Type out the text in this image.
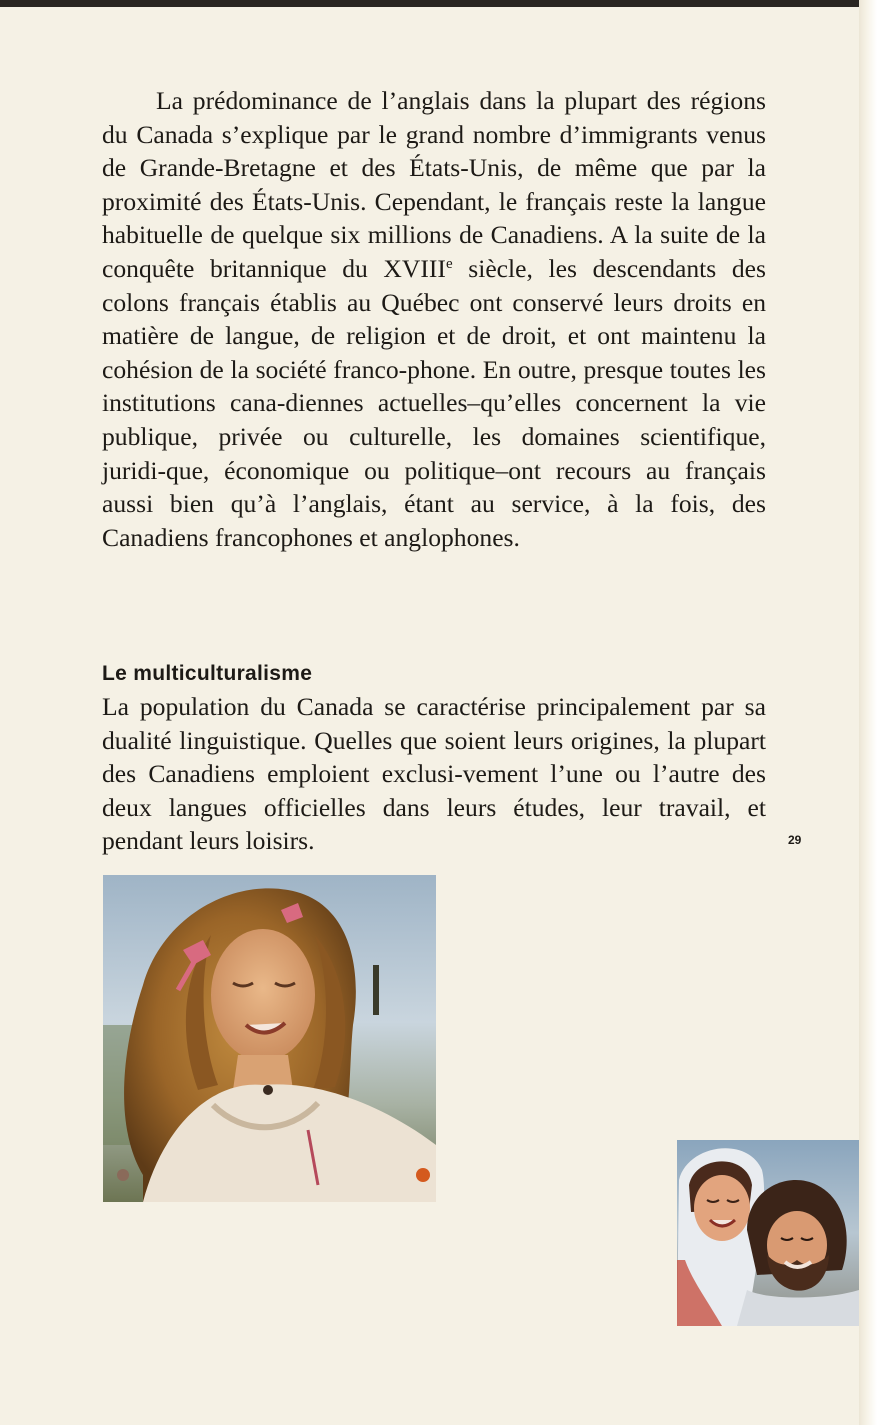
La prédominance de l’anglais dans la plupart des régions du Canada s’explique par le grand nombre d’immigrants venus de Grande-Bretagne et des États-Unis, de même que par la proximité des États-Unis. Cependant, le français reste la langue habituelle de quelque six millions de Canadiens. A la suite de la conquête britannique du XVIIIe siècle, les descendants des colons français établis au Québec ont conservé leurs droits en matière de langue, de religion et de droit, et ont maintenu la cohésion de la société franco‑phone. En outre, presque toutes les institutions cana‑diennes actuelles–qu’elles concernent la vie publique, privée ou culturelle, les domaines scientifique, juridi‑que, économique ou politique–ont recours au français aussi bien qu’à l’anglais, étant au service, à la fois, des Canadiens francophones et anglophones.

Le multiculturalisme

La population du Canada se caractérise principalement par sa dualité linguistique. Quelles que soient leurs origines, la plupart des Canadiens emploient exclusi‑vement l’une ou l’autre des deux langues officielles dans leurs études, leur travail, et pendant leurs loisirs.	29
